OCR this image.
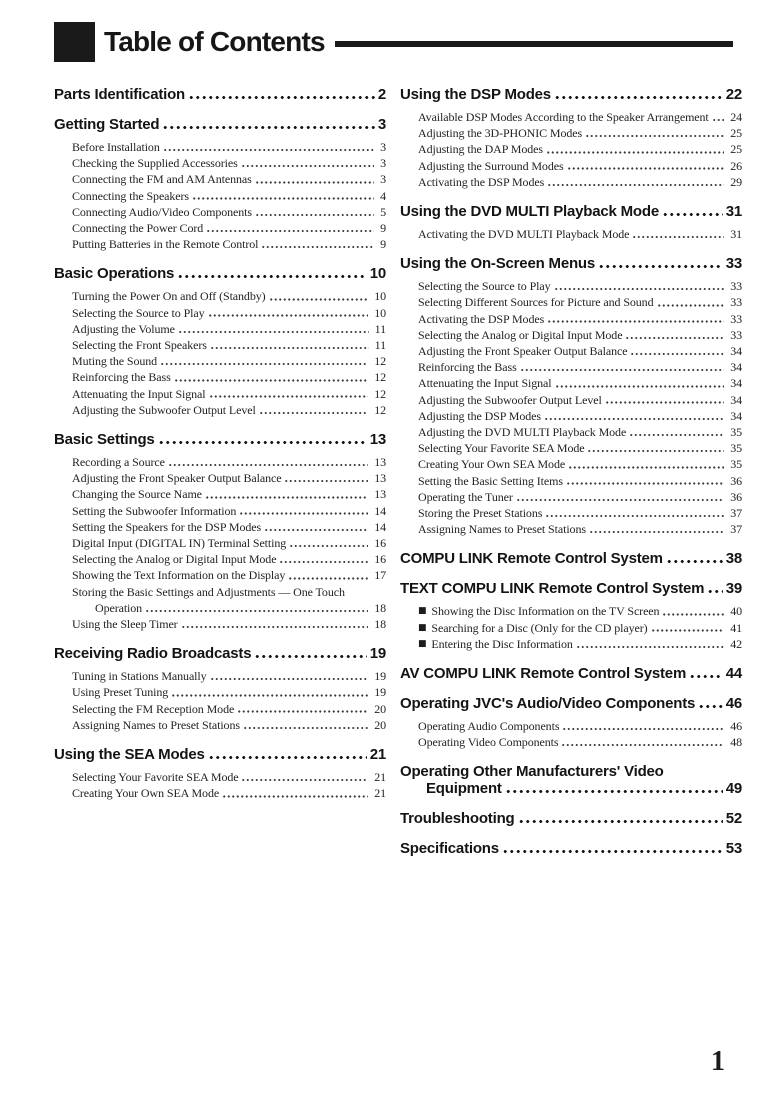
Table of Contents
Parts Identification	2
Getting Started	3
Before Installation	3
Checking the Supplied Accessories	3
Connecting the FM and AM Antennas	3
Connecting the Speakers	4
Connecting Audio/Video Components	5
Connecting the Power Cord	9
Putting Batteries in the Remote Control	9
Basic Operations	10
Turning the Power On and Off (Standby)	10
Selecting the Source to Play	10
Adjusting the Volume	11
Selecting the Front Speakers	11
Muting the Sound	12
Reinforcing the Bass	12
Attenuating the Input Signal	12
Adjusting the Subwoofer Output Level	12
Basic Settings	13
Recording a Source	13
Adjusting the Front Speaker Output Balance	13
Changing the Source Name	13
Setting the Subwoofer Information	14
Setting the Speakers for the DSP Modes	14
Digital Input (DIGITAL IN) Terminal Setting	16
Selecting the Analog or Digital Input Mode	16
Showing the Text Information on the Display	17
Storing the Basic Settings and Adjustments — One Touch
Operation	18
Using the Sleep Timer	18
Receiving Radio Broadcasts	19
Tuning in Stations Manually	19
Using Preset Tuning	19
Selecting the FM Reception Mode	20
Assigning Names to Preset Stations	20
Using the SEA Modes	21
Selecting Your Favorite SEA Mode	21
Creating Your Own SEA Mode	21
Using the DSP Modes	22
Available DSP Modes According to the Speaker Arrangement 24
Adjusting the 3D-PHONIC Modes	25
Adjusting the DAP Modes	25
Adjusting the Surround Modes	26
Activating the DSP Modes	29
Using the DVD MULTI Playback Mode	31
Activating the DVD MULTI Playback Mode	31
Using the On-Screen Menus	33
Selecting the Source to Play	33
Selecting Different Sources for Picture and Sound	33
Activating the DSP Modes	33
Selecting the Analog or Digital Input Mode	33
Adjusting the Front Speaker Output Balance	34
Reinforcing the Bass	34
Attenuating the Input Signal	34
Adjusting the Subwoofer Output Level	34
Adjusting the DSP Modes	34
Adjusting the DVD MULTI Playback Mode	35
Selecting Your Favorite SEA Mode	35
Creating Your Own SEA Mode	35
Setting the Basic Setting Items	36
Operating the Tuner	36
Storing the Preset Stations	37
Assigning Names to Preset Stations	37
COMPU LINK Remote Control System	38
TEXT COMPU LINK Remote Control System 39
■ Showing the Disc Information on the TV Screen	40
■ Searching for a Disc (Only for the CD player)	41
■ Entering the Disc Information	42
AV COMPU LINK Remote Control System	44
Operating JVC's Audio/Video Components 46
Operating Audio Components	46
Operating Video Components	48
Operating Other Manufacturers' Video
Equipment	49
Troubleshooting	52
Specifications	53
1
